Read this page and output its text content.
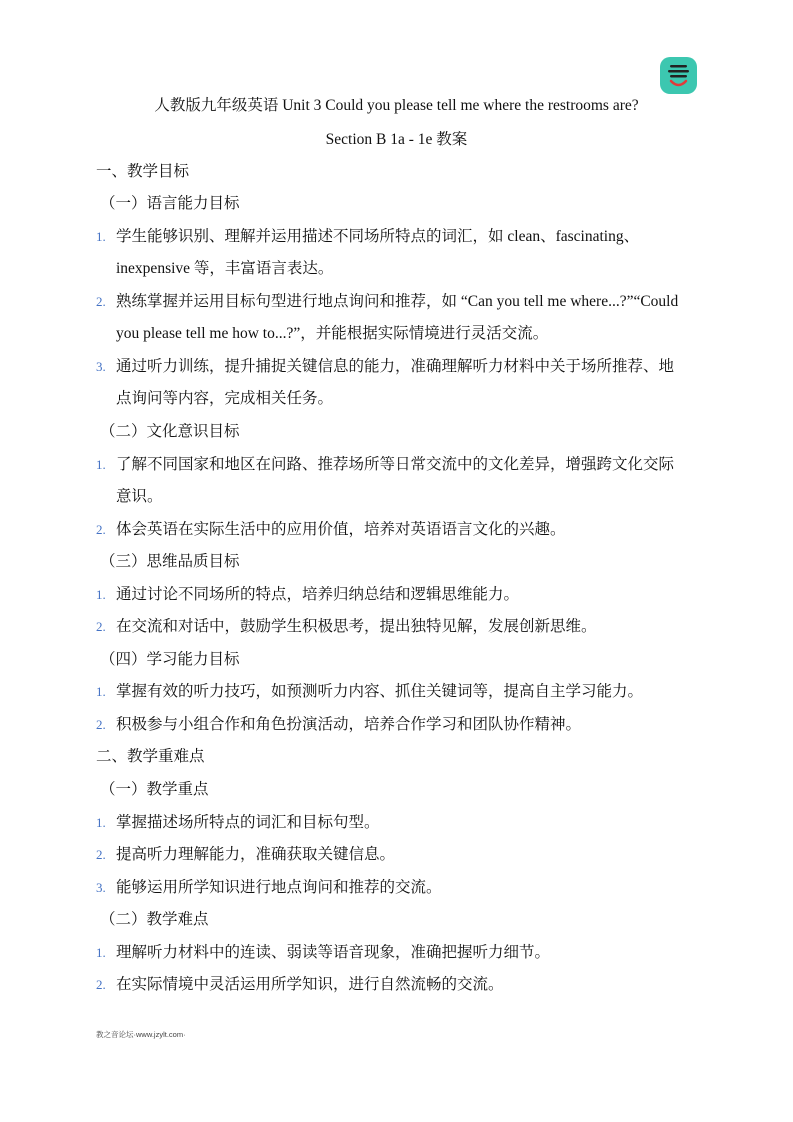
人教版九年级英语 Unit 3 Could you please tell me where the restrooms are?
Section B 1a - 1e 教案
一、教学目标
（一）语言能力目标
1. 学生能够识别、理解并运用描述不同场所特点的词汇，如 clean、fascinating、
inexpensive 等，丰富语言表达。
2. 熟练掌握并运用目标句型进行地点询问和推荐，如 “Can you tell me where...?”“Could
you please tell me how to...?”，并能根据实际情境进行灵活交流。
3. 通过听力训练，提升捕捉关键信息的能力，准确理解听力材料中关于场所推荐、地
点询问等内容，完成相关任务。
（二）文化意识目标
1. 了解不同国家和地区在问路、推荐场所等日常交流中的文化差异，增强跨文化交际
意识。
2. 体会英语在实际生活中的应用价值，培养对英语语言文化的兴趣。
（三）思维品质目标
1. 通过讨论不同场所的特点，培养归纳总结和逻辑思维能力。
2. 在交流和对话中，鼓励学生积极思考，提出独特见解，发展创新思维。
（四）学习能力目标
1. 掌握有效的听力技巧，如预测听力内容、抓住关键词等，提高自主学习能力。
2. 积极参与小组合作和角色扮演活动，培养合作学习和团队协作精神。
二、教学重难点
（一）教学重点
1. 掌握描述场所特点的词汇和目标句型。
2. 提高听力理解能力，准确获取关键信息。
3. 能够运用所学知识进行地点询问和推荐的交流。
（二）教学难点
1. 理解听力材料中的连读、弱读等语音现象，准确把握听力细节。
2. 在实际情境中灵活运用所学知识，进行自然流畅的交流。
教之音论坛·www.jzylt.com·
